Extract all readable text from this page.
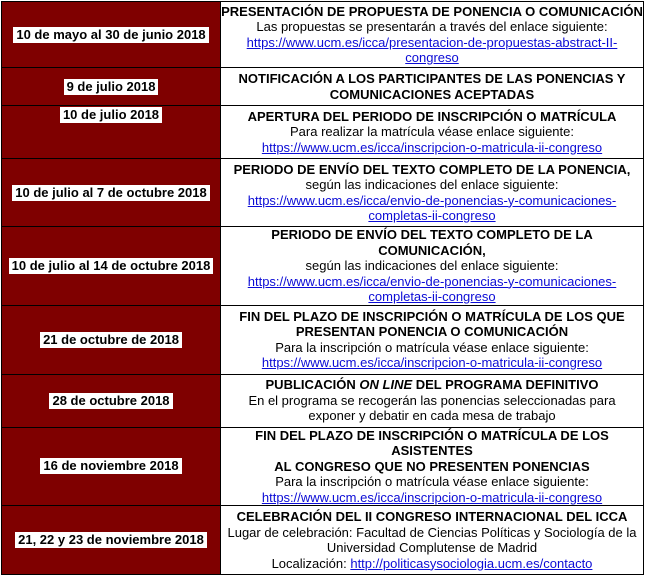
10 de mayo al 30 de junio 2018	PRESENTACIÓN DE PROPUESTA DE PONENCIA O COMUNICACIÓN
Las propuestas se presentarán a través del enlace siguiente:
https://www.ucm.es/icca/presentacion-de-propuestas-abstract-II-
congreso

9 de julio 2018	NOTIFICACIÓN A LOS PARTICIPANTES DE LAS PONENCIAS Y
COMUNICACIONES ACEPTADAS

10 de julio 2018	APERTURA DEL PERIODO DE INSCRIPCIÓN O MATRÍCULA
Para realizar la matrícula véase enlace siguiente:
https://www.ucm.es/icca/inscripcion-o-matricula-ii-congreso

10 de julio al 7 de octubre 2018	PERIODO DE ENVÍO DEL TEXTO COMPLETO DE LA PONENCIA,
según las indicaciones del enlace siguiente:
https://www.ucm.es/icca/envio-de-ponencias-y-comunicaciones-
completas-ii-congreso

10 de julio al 14 de octubre 2018	PERIODO DE ENVÍO DEL TEXTO COMPLETO DE LA COMUNICACIÓN,
según las indicaciones del enlace siguiente:
https://www.ucm.es/icca/envio-de-ponencias-y-comunicaciones-
completas-ii-congreso

21 de octubre de 2018	FIN DEL PLAZO DE INSCRIPCIÓN O MATRÍCULA DE LOS QUE
PRESENTAN PONENCIA O COMUNICACIÓN
Para la inscripción o matrícula véase enlace siguiente:
https://www.ucm.es/icca/inscripcion-o-matricula-ii-congreso

28 de octubre 2018	PUBLICACIÓN ON LINE DEL PROGRAMA DEFINITIVO
En el programa se recogerán las ponencias seleccionadas para
exponer y debatir en cada mesa de trabajo

16 de noviembre 2018	FIN DEL PLAZO DE INSCRIPCIÓN O MATRÍCULA DE LOS ASISTENTES
AL CONGRESO QUE NO PRESENTEN PONENCIAS
Para la inscripción o matrícula véase enlace siguiente:
https://www.ucm.es/icca/inscripcion-o-matricula-ii-congreso

21, 22 y 23 de noviembre 2018	CELEBRACIÓN DEL II CONGRESO INTERNACIONAL DEL ICCA
Lugar de celebración: Facultad de Ciencias Políticas y Sociología de la
Universidad Complutense de Madrid
Localización: http://politicasysociologia.ucm.es/contacto
